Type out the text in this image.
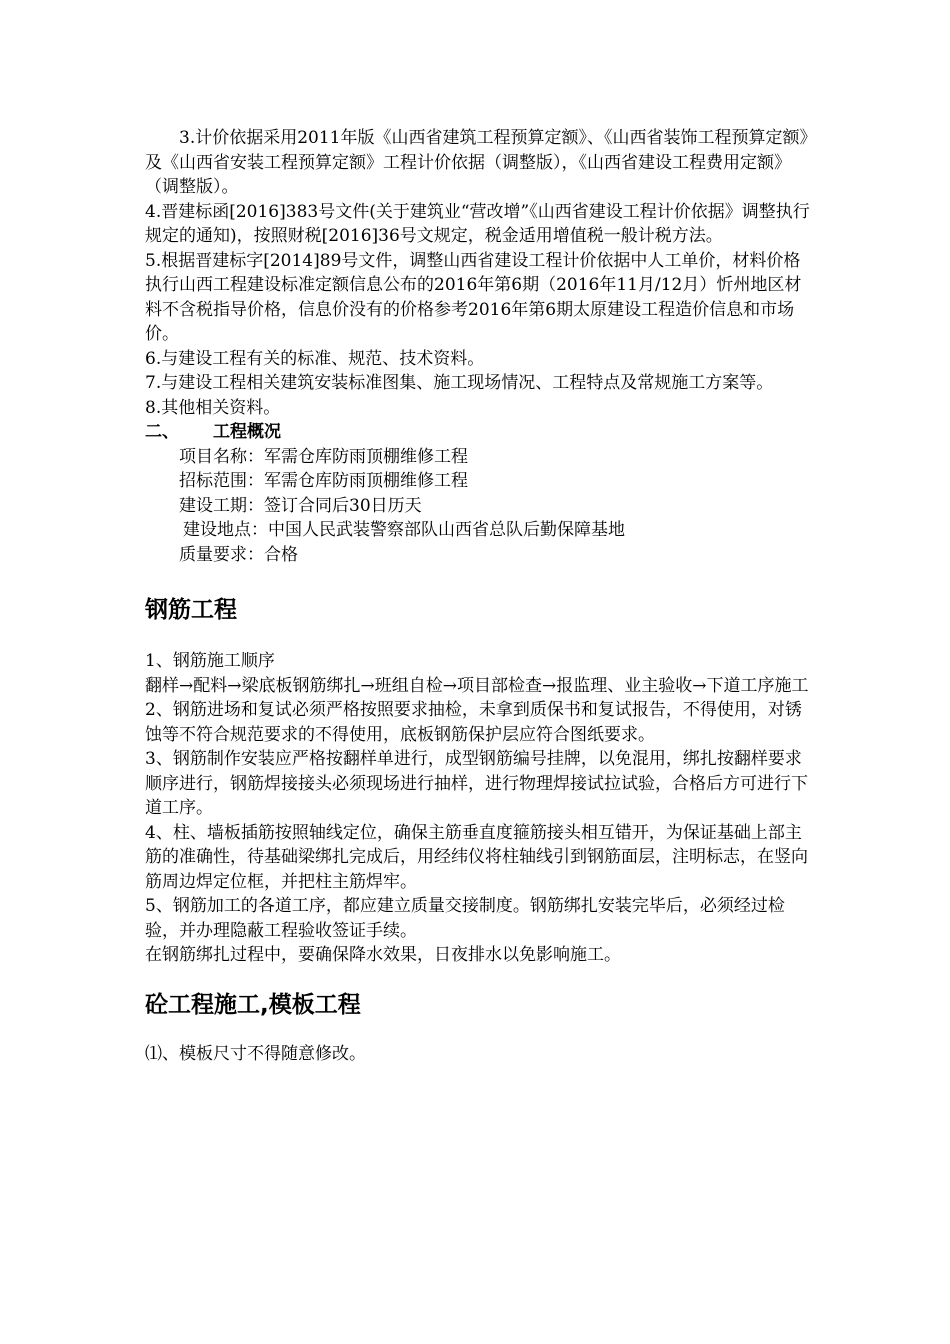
3.计价依据采用2011年版《山西省建筑工程预算定额》、《山西省装饰工程预算定额》及《山西省安装工程预算定额》工程计价依据（调整版），《山西省建设工程费用定额》（调整版）。

4.晋建标函[2016]383号文件(关于建筑业“营改增”《山西省建设工程计价依据》调整执行规定的通知)，按照财税[2016]36号文规定，税金适用增值税一般计税方法。

5.根据晋建标字[2014]89号文件，调整山西省建设工程计价依据中人工单价，材料价格执行山西工程建设标准定额信息公布的2016年第6期（2016年11月/12月）忻州地区材料不含税指导价格，信息价没有的价格参考2016年第6期太原建设工程造价信息和市场价。

6.与建设工程有关的标准、规范、技术资料。

7.与建设工程相关建筑安装标准图集、施工现场情况、工程特点及常规施工方案等。

8.其他相关资料。

二、 工程概况

项目名称：军需仓库防雨顶棚维修工程

招标范围：军需仓库防雨顶棚维修工程

建设工期：签订合同后30日历天

建设地点：中国人民武装警察部队山西省总队后勤保障基地

质量要求：合格

钢筋工程

1、钢筋施工顺序

翻样→配料→梁底板钢筋绑扎→班组自检→项目部检查→报监理、业主验收→下道工序施工

2、钢筋进场和复试必须严格按照要求抽检，未拿到质保书和复试报告，不得使用，对锈蚀等不符合规范要求的不得使用，底板钢筋保护层应符合图纸要求。

3、钢筋制作安装应严格按翻样单进行，成型钢筋编号挂牌，以免混用，绑扎按翻样要求顺序进行，钢筋焊接接头必须现场进行抽样，进行物理焊接试拉试验，合格后方可进行下道工序。

4、柱、墙板插筋按照轴线定位，确保主筋垂直度箍筋接头相互错开，为保证基础上部主筋的准确性，待基础梁绑扎完成后，用经纬仪将柱轴线引到钢筋面层，注明标志，在竖向筋周边焊定位框，并把柱主筋焊牢。

5、钢筋加工的各道工序，都应建立质量交接制度。钢筋绑扎安装完毕后，必须经过检验，并办理隐蔽工程验收签证手续。

在钢筋绑扎过程中，要确保降水效果，日夜排水以免影响施工。

砼工程施工,模板工程

⑴、模板尺寸不得随意修改。
